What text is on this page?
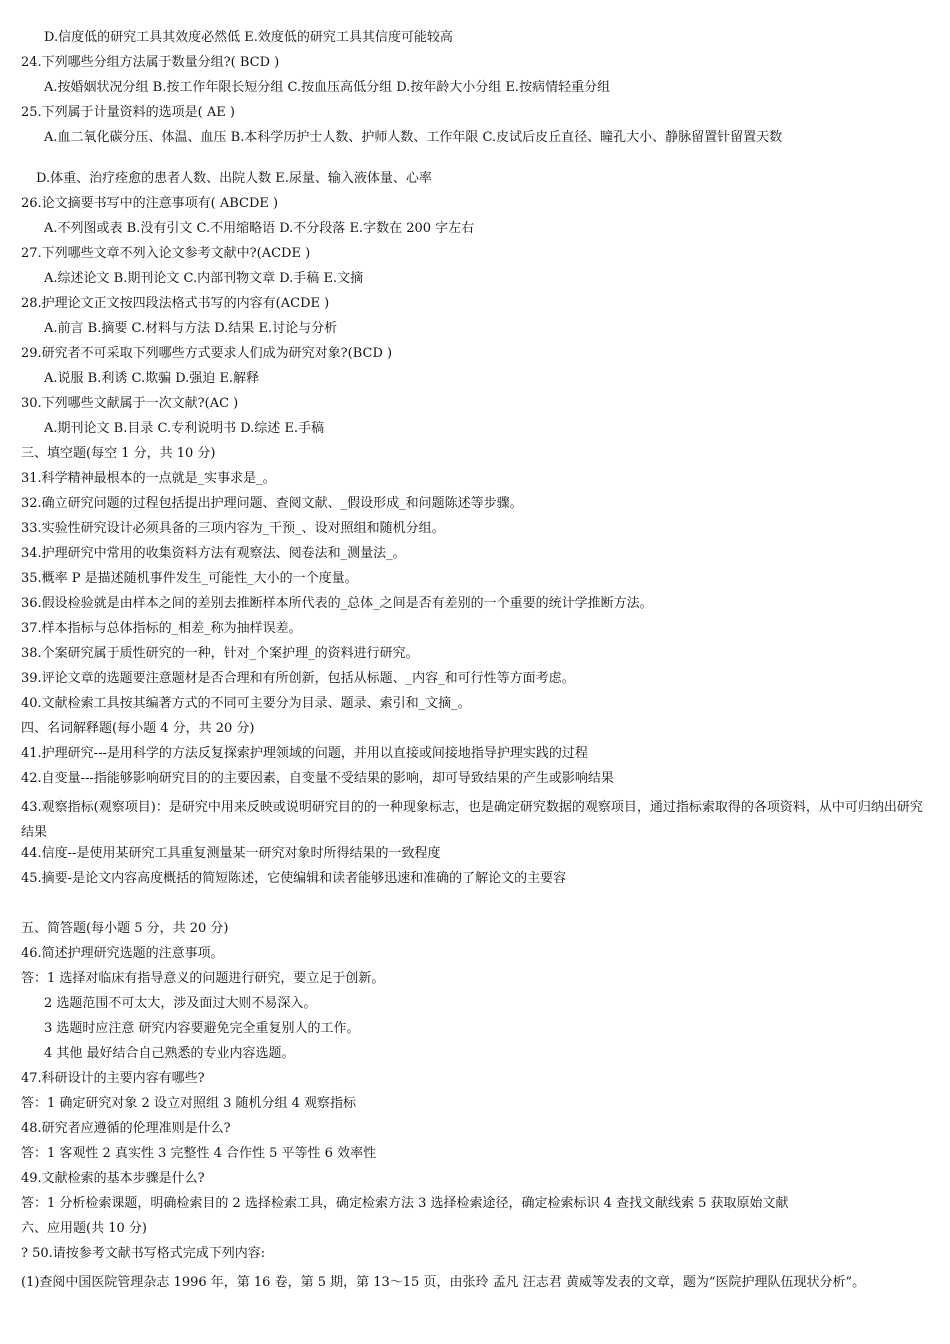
D.信度低的研究工具其效度必然低 E.效度低的研究工具其信度可能较高

24.下列哪些分组方法属于数量分组?( BCD )

A.按婚姻状况分组 B.按工作年限长短分组 C.按血压高低分组 D.按年龄大小分组 E.按病情轻重分组

25.下列属于计量资料的选项是( AE )

A.血二氧化碳分压、体温、血压 B.本科学历护士人数、护师人数、工作年限 C.皮试后皮丘直径、瞳孔大小、静脉留置针留置天数

D.体重、治疗痊愈的患者人数、出院人数 E.尿量、输入液体量、心率

26.论文摘要书写中的注意事项有( ABCDE )

A.不列图或表 B.没有引文 C.不用缩略语 D.不分段落 E.字数在 200 字左右

27.下列哪些文章不列入论文参考文献中?(ACDE )

A.综述论文 B.期刊论文 C.内部刊物文章 D.手稿 E.文摘

28.护理论文正文按四段法格式书写的内容有(ACDE )

A.前言 B.摘要 C.材料与方法 D.结果 E.讨论与分析

29.研究者不可采取下列哪些方式要求人们成为研究对象?(BCD )

A.说服 B.利诱 C.欺骗 D.强迫 E.解释

30.下列哪些文献属于一次文献?(AC )

A.期刊论文 B.目录 C.专利说明书 D.综述 E.手稿

三、填空题(每空 1 分，共 10 分)

31.科学精神最根本的一点就是_实事求是_。

32.确立研究问题的过程包括提出护理问题、查阅文献、_假设形成_和问题陈述等步骤。

33.实验性研究设计必须具备的三项内容为_干预_、设对照组和随机分组。

34.护理研究中常用的收集资料方法有观察法、阅卷法和_测量法_。

35.概率 P 是描述随机事件发生_可能性_大小的一个度量。

36.假设检验就是由样本之间的差别去推断样本所代表的_总体_之间是否有差别的一个重要的统计学推断方法。

37.样本指标与总体指标的_相差_称为抽样误差。

38.个案研究属于质性研究的一种，针对_个案护理_的资料进行研究。

39.评论文章的选题要注意题材是否合理和有所创新，包括从标题、_内容_和可行性等方面考虑。

40.文献检索工具按其编著方式的不同可主要分为目录、题录、索引和_文摘_。

四、名词解释题(每小题 4 分，共 20 分)

41.护理研究---是用科学的方法反复探索护理领域的问题，并用以直接或间接地指导护理实践的过程

42.自变量---指能够影响研究目的的主要因素，自变量不受结果的影响，却可导致结果的产生或影响结果

43.观察指标(观察项目)：是研究中用来反映或说明研究目的的一种现象标志，也是确定研究数据的观察项目，通过指标索取得的各项资料，从中可归纳出研究结果

44.信度--是使用某研究工具重复测量某一研究对象时所得结果的一致程度

45.摘要-是论文内容高度概括的简短陈述，它使编辑和读者能够迅速和准确的了解论文的主要容

五、简答题(每小题 5 分，共 20 分)

46.简述护理研究选题的注意事项。

答：1 选择对临床有指导意义的问题进行研究，要立足于创新。

2 选题范围不可太大，涉及面过大则不易深入。

3 选题时应注意 研究内容要避免完全重复别人的工作。

4 其他 最好结合自己熟悉的专业内容选题。

47.科研设计的主要内容有哪些?

答：1 确定研究对象 2 设立对照组 3 随机分组 4 观察指标

48.研究者应遵循的伦理准则是什么?

答：1 客观性 2 真实性 3 完整性 4 合作性 5 平等性 6 效率性

49.文献检索的基本步骤是什么?

答：1 分析检索课题，明确检索目的 2 选择检索工具，确定检索方法 3 选择检索途径，确定检索标识 4 查找文献线索 5 获取原始文献

六、应用题(共 10 分)

? 50.请按参考文献书写格式完成下列内容:

(1)查阅中国医院管理杂志 1996 年，第 16 卷，第 5 期，第 13～15 页，由张玲 孟凡 汪志君 黄威等发表的文章，题为“医院护理队伍现状分析”。
